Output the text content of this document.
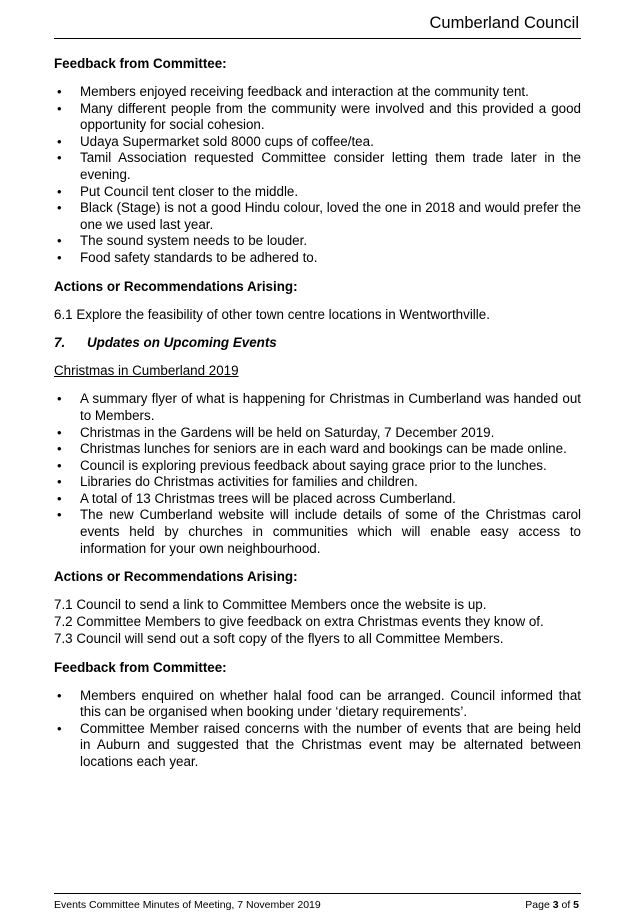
Cumberland Council
Feedback from Committee:
• Members enjoyed receiving feedback and interaction at the community tent.
• Many different people from the community were involved and this provided a good opportunity for social cohesion.
• Udaya Supermarket sold 8000 cups of coffee/tea.
• Tamil Association requested Committee consider letting them trade later in the evening.
• Put Council tent closer to the middle.
• Black (Stage) is not a good Hindu colour, loved the one in 2018 and would prefer the one we used last year.
• The sound system needs to be louder.
• Food safety standards to be adhered to.
Actions or Recommendations Arising:
6.1 Explore the feasibility of other town centre locations in Wentworthville.
7. Updates on Upcoming Events
Christmas in Cumberland 2019
• A summary flyer of what is happening for Christmas in Cumberland was handed out to Members.
• Christmas in the Gardens will be held on Saturday, 7 December 2019.
• Christmas lunches for seniors are in each ward and bookings can be made online.
• Council is exploring previous feedback about saying grace prior to the lunches.
• Libraries do Christmas activities for families and children.
• A total of 13 Christmas trees will be placed across Cumberland.
• The new Cumberland website will include details of some of the Christmas carol events held by churches in communities which will enable easy access to information for your own neighbourhood.
Actions or Recommendations Arising:
7.1 Council to send a link to Committee Members once the website is up.
7.2 Committee Members to give feedback on extra Christmas events they know of.
7.3 Council will send out a soft copy of the flyers to all Committee Members.
Feedback from Committee:
• Members enquired on whether halal food can be arranged. Council informed that this can be organised when booking under ‘dietary requirements’.
• Committee Member raised concerns with the number of events that are being held in Auburn and suggested that the Christmas event may be alternated between locations each year.
Events Committee Minutes of Meeting, 7 November 2019	Page 3 of 5
